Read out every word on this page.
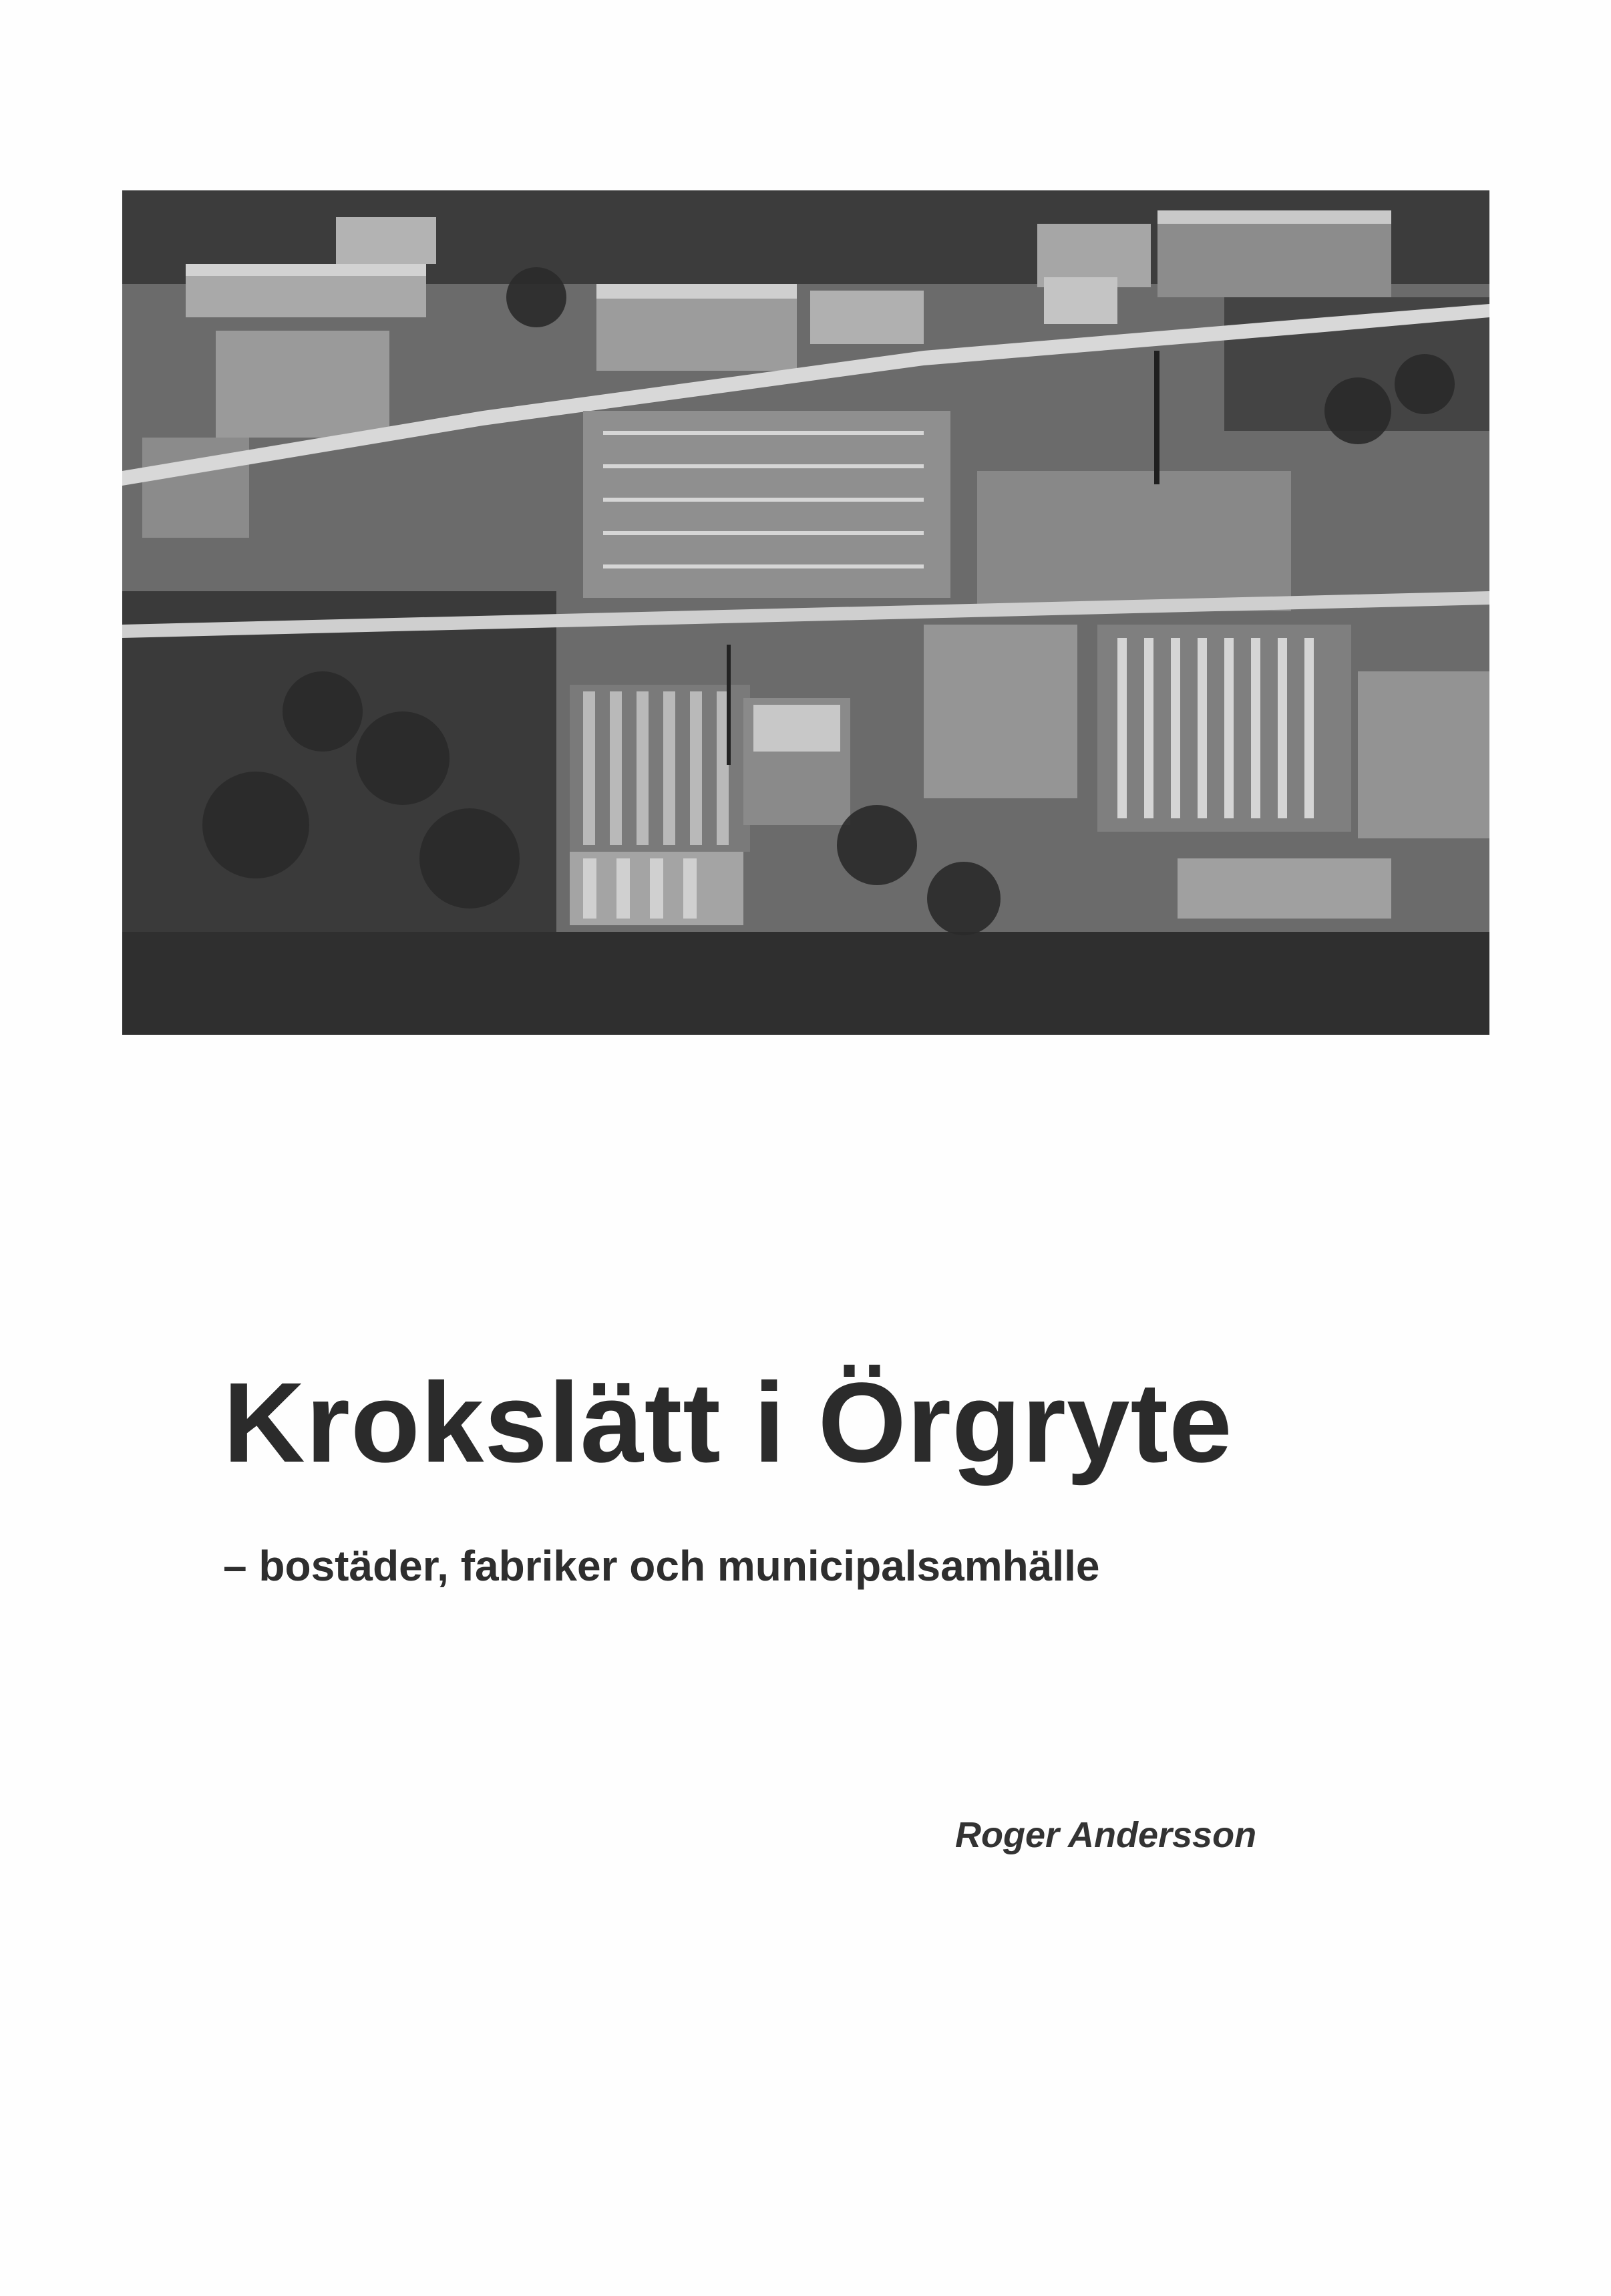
Krokslätt i Örgryte
– bostäder, fabriker och municipalsamhälle

Roger Andersson
